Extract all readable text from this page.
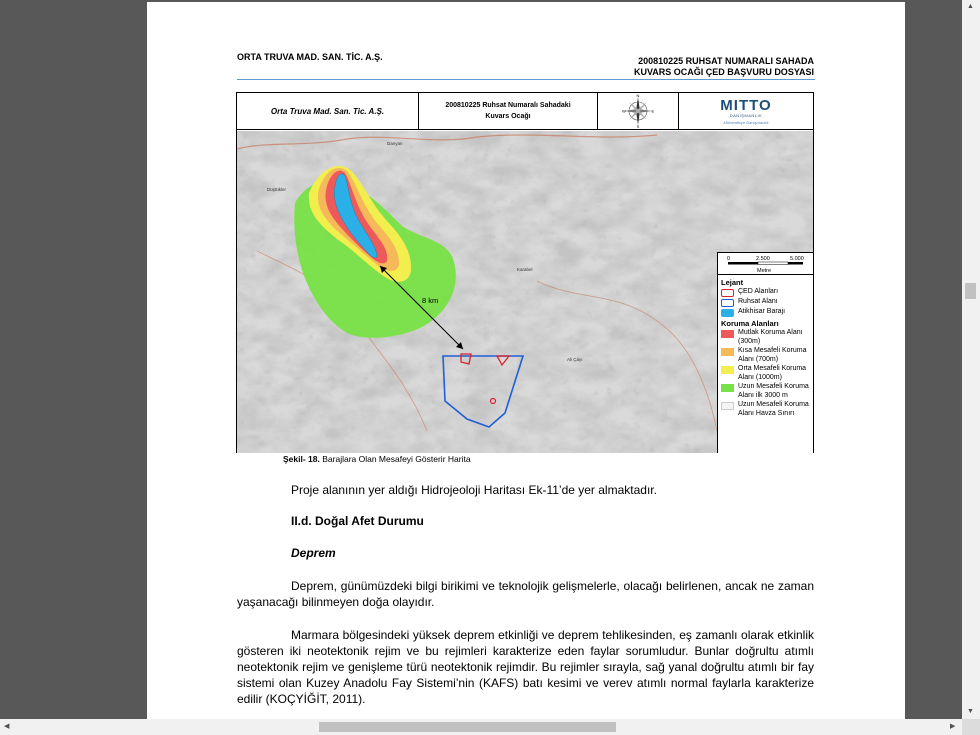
ORTA TRUVA MAD. SAN. TİC. A.Ş.	200810225 RUHSAT NUMARALI SAHADA
KUVARS OCAĞI ÇED BAŞVURU DOSYASI
Orta Truva Mad. San. Tic. A.Ş.
200810225 Ruhsat Numaralı Sahadaki
Kuvars Ocağı
N
S
W	E	MITTO
DANIŞMANLIK
Mühendisçe Danışmanlık
8 km
Danyan
Düştükler
Karabel
Ali Çayı
0	2.500	5.000
Metre
Lejant
ÇED Alanları
Ruhsat Alanı
Atikhisar Barajı
Koruma Alanları
Mutlak Koruma Alanı (300m)
Kısa Mesafeli Koruma Alanı (700m)
Orta Mesafeli Koruma Alanı (1000m)
Uzun Mesafeli Koruma Alanı ilk 3000 m
Uzun Mesafeli Koruma Alanı Havza Sınırı
Şekil- 18. Barajlara Olan Mesafeyi Gösterir Harita
Proje alanının yer aldığı Hidrojeoloji Haritası Ek-11’de yer almaktadır.
II.d. Doğal Afet Durumu
Deprem
Deprem, günümüzdeki bilgi birikimi ve teknolojik gelişmelerle, olacağı belirlenen, ancak ne zaman yaşanacağı bilinmeyen doğa olayıdır.
Marmara bölgesindeki yüksek deprem etkinliği ve deprem tehlikesinden, eş zamanlı olarak etkinlik gösteren iki neotektonik rejim ve bu rejimleri karakterize eden faylar sorumludur. Bunlar doğrultu atımlı neotektonik rejim ve genişleme türü neotektonik rejimdir. Bu rejimler sırayla, sağ yanal doğrultu atımlı bir fay sistemi olan Kuzey Anadolu Fay Sistemi’nin (KAFS) batı kesimi ve verev atımlı normal faylarla karakterize edilir (KOÇYİĞİT, 2011).
▲
▼
◀	▶
